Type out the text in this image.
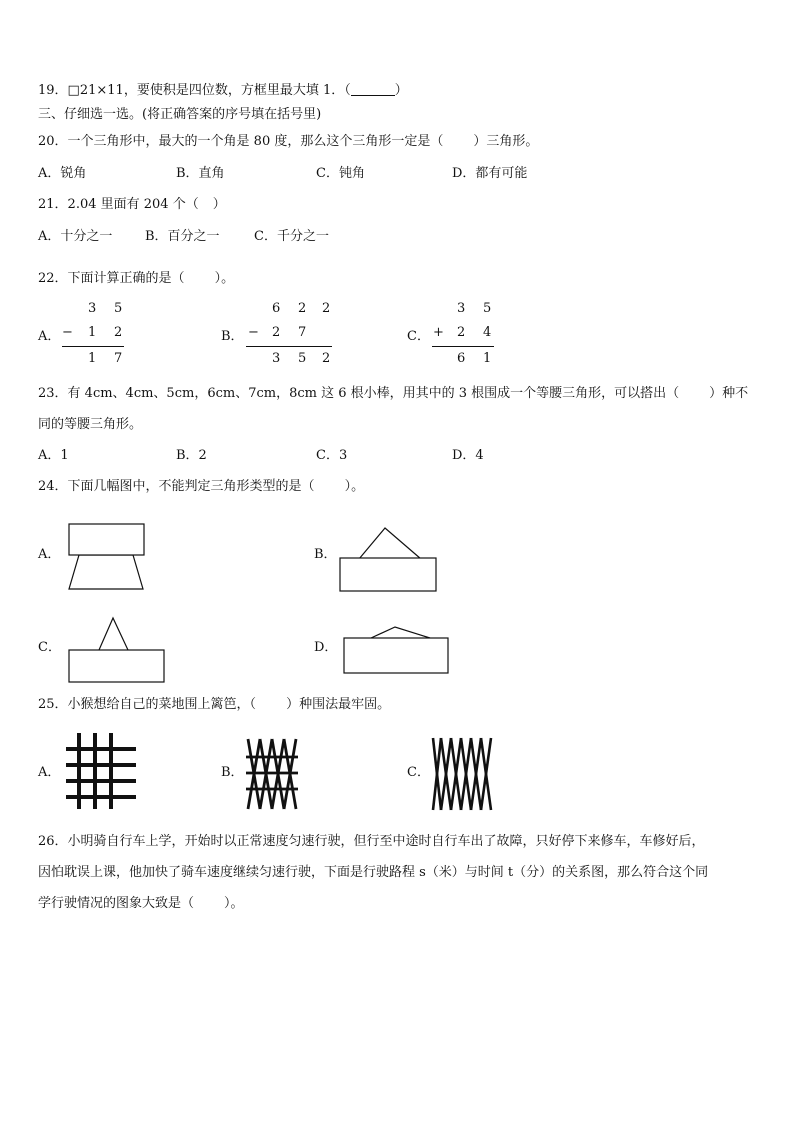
19．□21×11，要使积是四位数，方框里最大填 1．（	）
三、仔细选一选。(将正确答案的序号填在括号里)
20．一个三角形中，最大的一个角是 80 度，那么这个三角形一定是（ ）三角形。
A．锐角	B．直角	C．钝角	D．都有可能
21．2.04 里面有 204 个（ ）
A．十分之一	B．百分之一	C．千分之一
22．下面计算正确的是（ ）。
A．
3 5
− 1 2
1 7
B．
6 2 2
− 2 7
3 5 2
C．
3 5
+ 2 4
6 1
23．有 4cm、4cm、5cm，6cm、7cm，8cm 这 6 根小棒，用其中的 3 根围成一个等腰三角形，可以搭出（ ）种不
同的等腰三角形。
A．1	B．2	C．3	D．4
24．下面几幅图中，不能判定三角形类型的是（ ）。
A．	B．
C．	D．
25．小猴想给自己的菜地围上篱笆，（ ）种围法最牢固。
A．	B．	C．
26．小明骑自行车上学，开始时以正常速度匀速行驶，但行至中途时自行车出了故障，只好停下来修车，车修好后，
因怕耽误上课，他加快了骑车速度继续匀速行驶，下面是行驶路程 s（米）与时间 t（分）的关系图，那么符合这个同
学行驶情况的图象大致是（ ）。
